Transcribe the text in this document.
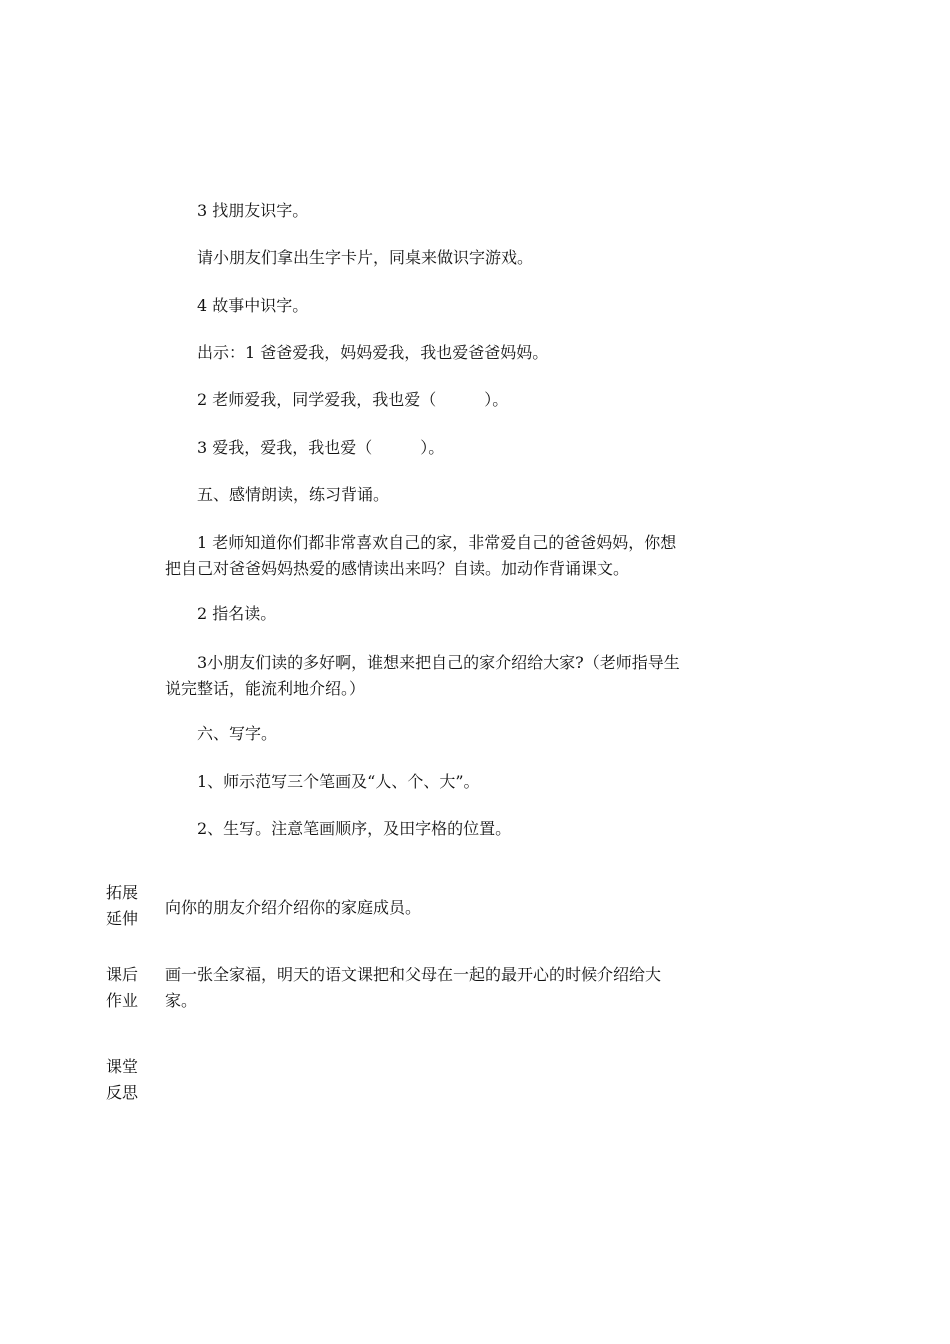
3 找朋友识字。
请小朋友们拿出生字卡片，同桌来做识字游戏。
4 故事中识字。
出示：1 爸爸爱我，妈妈爱我，我也爱爸爸妈妈。
2 老师爱我，同学爱我，我也爱（　　　）。
3 爱我，爱我，我也爱（　　　）。
五、感情朗读，练习背诵。
1 老师知道你们都非常喜欢自己的家，非常爱自己的爸爸妈妈，你想
把自己对爸爸妈妈热爱的感情读出来吗？自读。加动作背诵课文。
2 指名读。
3小朋友们读的多好啊，谁想来把自己的家介绍给大家?（老师指导生
说完整话，能流利地介绍。）
六、写字。
1、师示范写三个笔画及“人、个、大”。
2、生写。注意笔画顺序，及田字格的位置。
拓展
延伸
向你的朋友介绍介绍你的家庭成员。
课后
作业
画一张全家福，明天的语文课把和父母在一起的最开心的时候介绍给大
家。
课堂
反思
